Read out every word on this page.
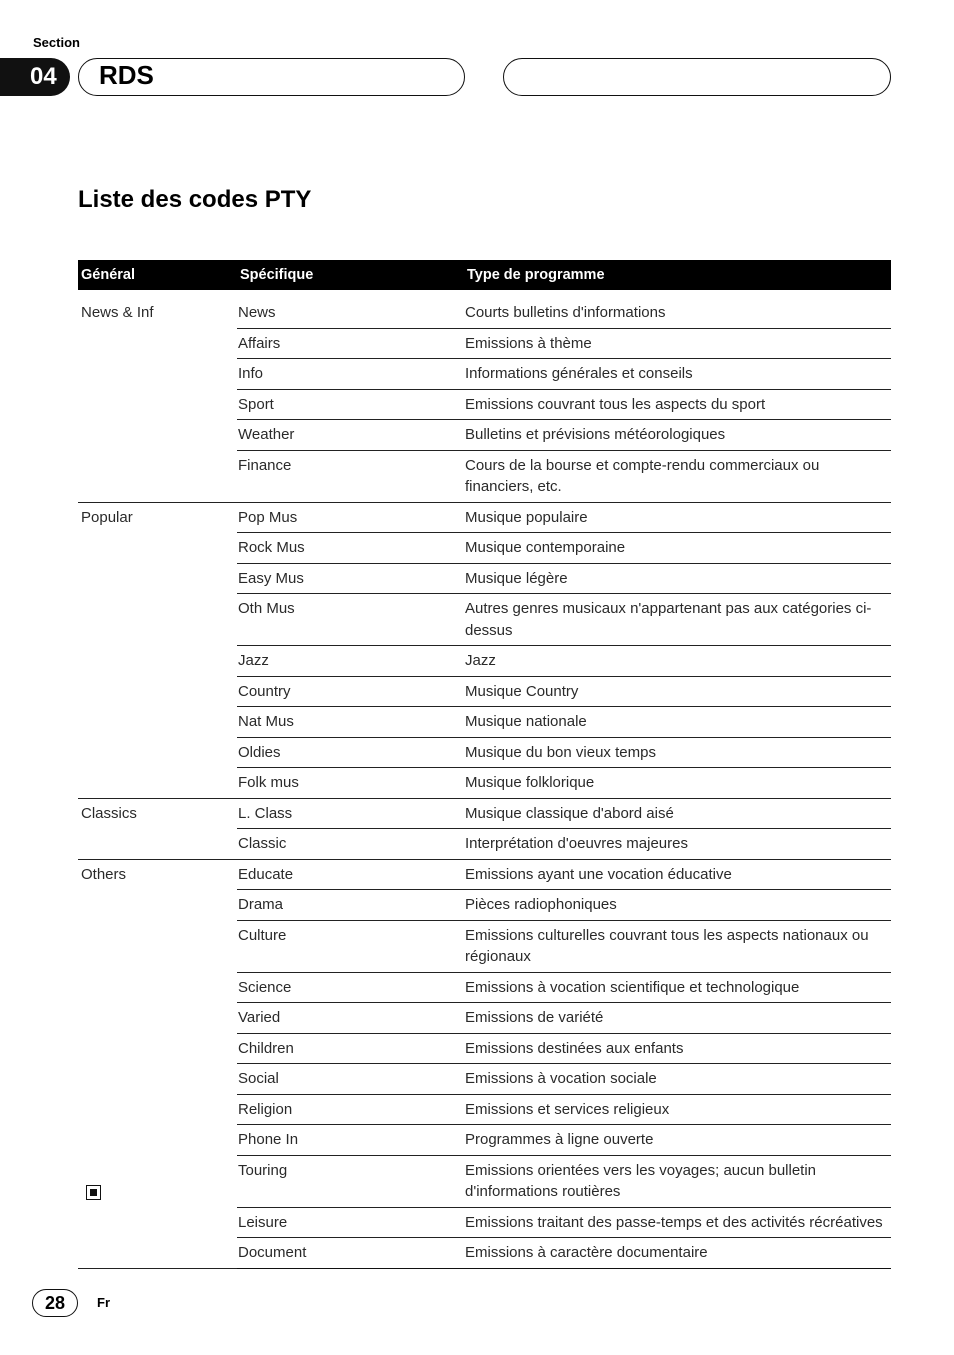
Section
04	RDS
Liste des codes PTY
Général	Spécifique	Type de programme
News & Inf	News	Courts bulletins d'informations
	Affairs	Emissions à thème
	Info	Informations générales et conseils
	Sport	Emissions couvrant tous les aspects du sport
	Weather	Bulletins et prévisions météorologiques
	Finance	Cours de la bourse et compte-rendu commerciaux ou financiers, etc.
Popular	Pop Mus	Musique populaire
	Rock Mus	Musique contemporaine
	Easy Mus	Musique légère
	Oth Mus	Autres genres musicaux n'appartenant pas aux catégories ci-dessus
	Jazz	Jazz
	Country	Musique Country
	Nat Mus	Musique nationale
	Oldies	Musique du bon vieux temps
	Folk mus	Musique folklorique
Classics	L. Class	Musique classique d'abord aisé
	Classic	Interprétation d'oeuvres majeures
Others	Educate	Emissions ayant une vocation éducative
	Drama	Pièces radiophoniques
	Culture	Emissions culturelles couvrant tous les aspects nationaux ou régionaux
	Science	Emissions à vocation scientifique et technologique
	Varied	Emissions de variété
	Children	Emissions destinées aux enfants
	Social	Emissions à vocation sociale
	Religion	Emissions et services religieux
	Phone In	Programmes à ligne ouverte
	Touring	Emissions orientées vers les voyages; aucun bulletin d'informations routières
	Leisure	Emissions traitant des passe-temps et des activités récréatives
	Document	Emissions à caractère documentaire
28	Fr
